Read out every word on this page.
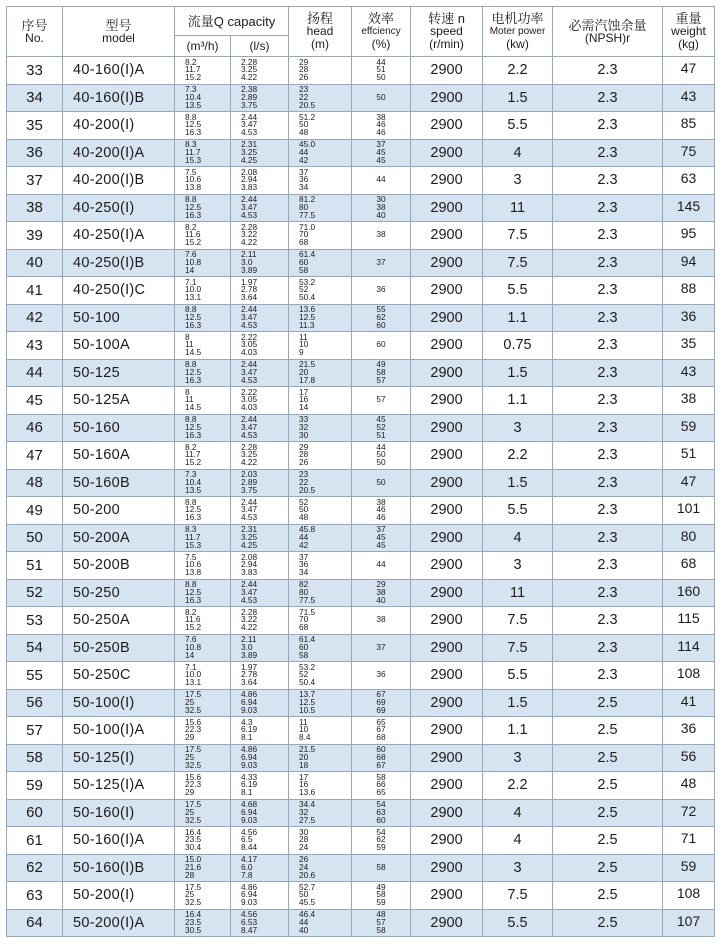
序号
No.	型号
model	流量Q capacity		扬程
head
(m)	效率
effciency
(%)	转速 n
speed
(r/min)	电机功率
Moter power
(kw)	必需汽蚀余量
(NPSH)r	重量
weight
(kg)

		(m³/h)	(l/s)						

33	40-160(I)A	8.2
11.7
15.2	2.28
3.25
4.22	29
28
26	44
51
50	2900	2.2	2.3	47
34	40-160(I)B	7.3
10.4
13.5	2.38
2.89
3.75	23
22
20.5	50	2900	1.5	2.3	43
35	40-200(I)	8.8
12.5
16.3	2.44
3.47
4.53	51.2
50
48	38
46
46	2900	5.5	2.3	85
36	40-200(I)A	8.3
11.7
15.3	2.31
3.25
4.25	45.0
44
42	37
45
45	2900	4	2.3	75
37	40-200(I)B	7.5
10.6
13.8	2.08
2.94
3.83	37
36
34	44	2900	3	2.3	63
38	40-250(I)	8.8
12.5
16.3	2.44
3.47
4.53	81.2
80
77.5	30
38
40	2900	11	2.3	145
39	40-250(I)A	8.2
11.6
15.2	2.28
3.22
4.22	71.0
70
68	38	2900	7.5	2.3	95
40	40-250(I)B	7.6
10.8
14	2.11
3.0
3.89	61.4
60
58	37	2900	7.5	2.3	94
41	40-250(I)C	7.1
10.0
13.1	1.97
2.78
3.64	53.2
52
50.4	36	2900	5.5	2.3	88
42	50-100	8.8
12.5
16.3	2.44
3.47
4.53	13.6
12.5
11.3	55
62
60	2900	1.1	2.3	36
43	50-100A	8
11
14.5	2.22
3.05
4.03	11
10
9	60	2900	0.75	2.3	35
44	50-125	8.8
12.5
16.3	2.44
3.47
4.53	21.5
20
17.8	49
58
57	2900	1.5	2.3	43
45	50-125A	8
11
14.5	2.22
3.05
4.03	17
16
14	57	2900	1.1	2.3	38
46	50-160	8.8
12.5
16.3	2.44
3.47
4.53	33
32
30	45
52
51	2900	3	2.3	59
47	50-160A	8.2
11.7
15.2	2.28
3.25
4.22	29
28
26	44
50
50	2900	2.2	2.3	51
48	50-160B	7.3
10.4
13.5	2.03
2.89
3.75	23
22
20.5	50	2900	1.5	2.3	47
49	50-200	8.8
12.5
16.3	2.44
3.47
4.53	52
50
48	38
46
46	2900	5.5	2.3	101
50	50-200A	8.3
11.7
15.3	2.31
3.25
4.25	45.8
44
42	37
45
45	2900	4	2.3	80
51	50-200B	7.5
10.6
13.8	2.08
2.94
3.83	37
36
34	44	2900	3	2.3	68
52	50-250	8.8
12.5
16.3	2.44
3.47
4.53	82
80
77.5	29
38
40	2900	11	2.3	160
53	50-250A	8.2
11.6
15.2	2.28
3.22
4.22	71.5
70
68	38	2900	7.5	2.3	115
54	50-250B	7.6
10.8
14	2.11
3.0
3.89	61.4
60
58	37	2900	7.5	2.3	114
55	50-250C	7.1
10.0
13.1	1.97
2.78
3.64	53.2
52
50.4	36	2900	5.5	2.3	108
56	50-100(I)	17.5
25
32.5	4.86
6.94
9.03	13.7
12.5
10.5	67
69
69	2900	1.5	2.5	41
57	50-100(I)A	15.6
22.3
29	4.3
6.19
8.1	11
10
8.4	65
67
68	2900	1.1	2.5	36
58	50-125(I)	17.5
25
32.5	4.86
6.94
9.03	21.5
20
18	60
68
67	2900	3	2.5	56
59	50-125(I)A	15.6
22.3
29	4.33
6.19
8.1	17
16
13.6	58
66
65	2900	2.2	2.5	48
60	50-160(I)	17.5
25
32.5	4.68
6.94
9.03	34.4
32
27.5	54
63
60	2900	4	2.5	72
61	50-160(I)A	16.4
23.5
30.4	4.56
6.5
8.44	30
28
24	54
62
59	2900	4	2.5	71
62	50-160(I)B	15.0
21.6
28	4.17
6.0
7.8	26
24
20.6	58	2900	3	2.5	59
63	50-200(I)	17.5
25
32.5	4.86
6.94
9.03	52.7
50
45.5	49
58
59	2900	7.5	2.5	108
64	50-200(I)A	16.4
23.5
30.5	4.56
6.53
8.47	46.4
44
40	48
57
58	2900	5.5	2.5	107
